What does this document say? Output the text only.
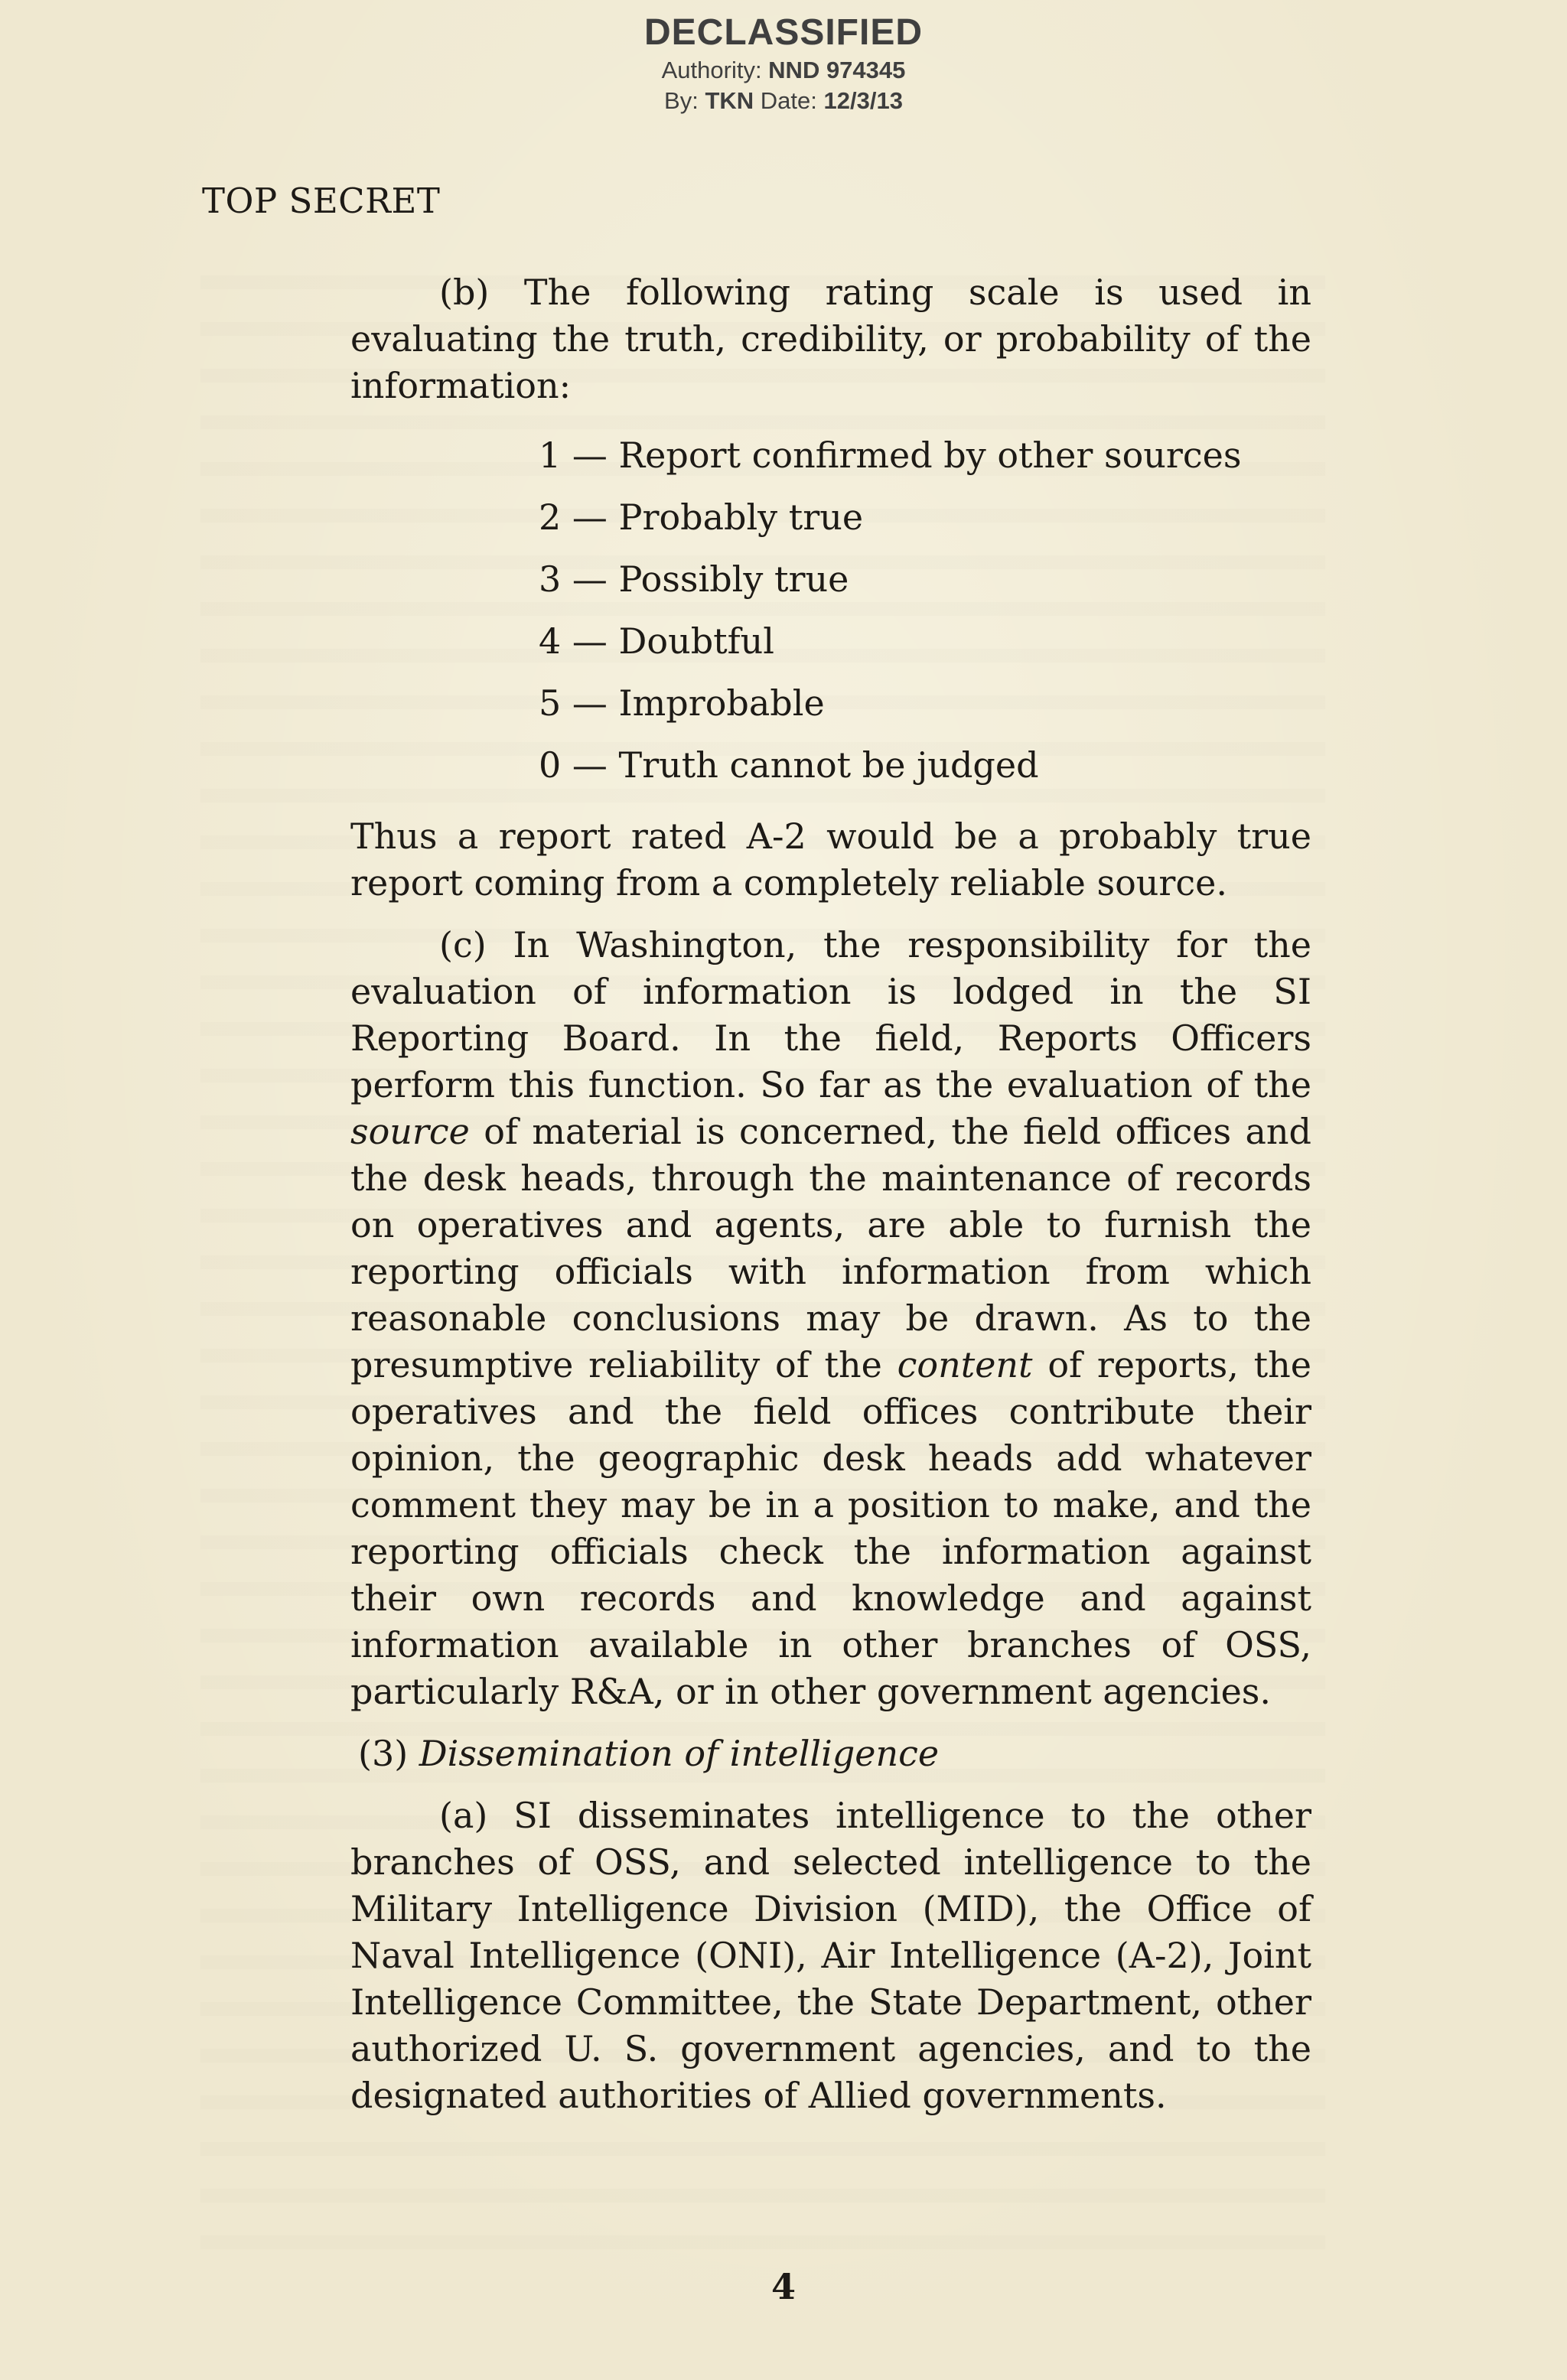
DECLASSIFIED
Authority: NND 974345
By: TKN Date: 12/3/13
TOP SECRET

(b) The following rating scale is used in evaluating the truth, credibility, or probability of the information:

1 — Report confirmed by other sources
2 — Probably true
3 — Possibly true
4 — Doubtful
5 — Improbable
0 — Truth cannot be judged

Thus a report rated A-2 would be a probably true report coming from a completely reliable source.

(c) In Washington, the responsibility for the evaluation of information is lodged in the SI Reporting Board. In the field, Reports Officers perform this function. So far as the evaluation of the source of material is concerned, the field offices and the desk heads, through the maintenance of records on operatives and agents, are able to furnish the reporting officials with information from which reasonable conclusions may be drawn. As to the presumptive reliability of the content of reports, the operatives and the field offices contribute their opinion, the geographic desk heads add whatever comment they may be in a position to make, and the reporting officials check the information against their own records and knowledge and against information available in other branches of OSS, particularly R&A, or in other government agencies.

(3) Dissemination of intelligence

(a) SI disseminates intelligence to the other branches of OSS, and selected intelligence to the Military Intelligence Division (MID), the Office of Naval Intelligence (ONI), Air Intelligence (A-2), Joint Intelligence Committee, the State Department, other authorized U. S. government agencies, and to the designated authorities of Allied governments.

4
